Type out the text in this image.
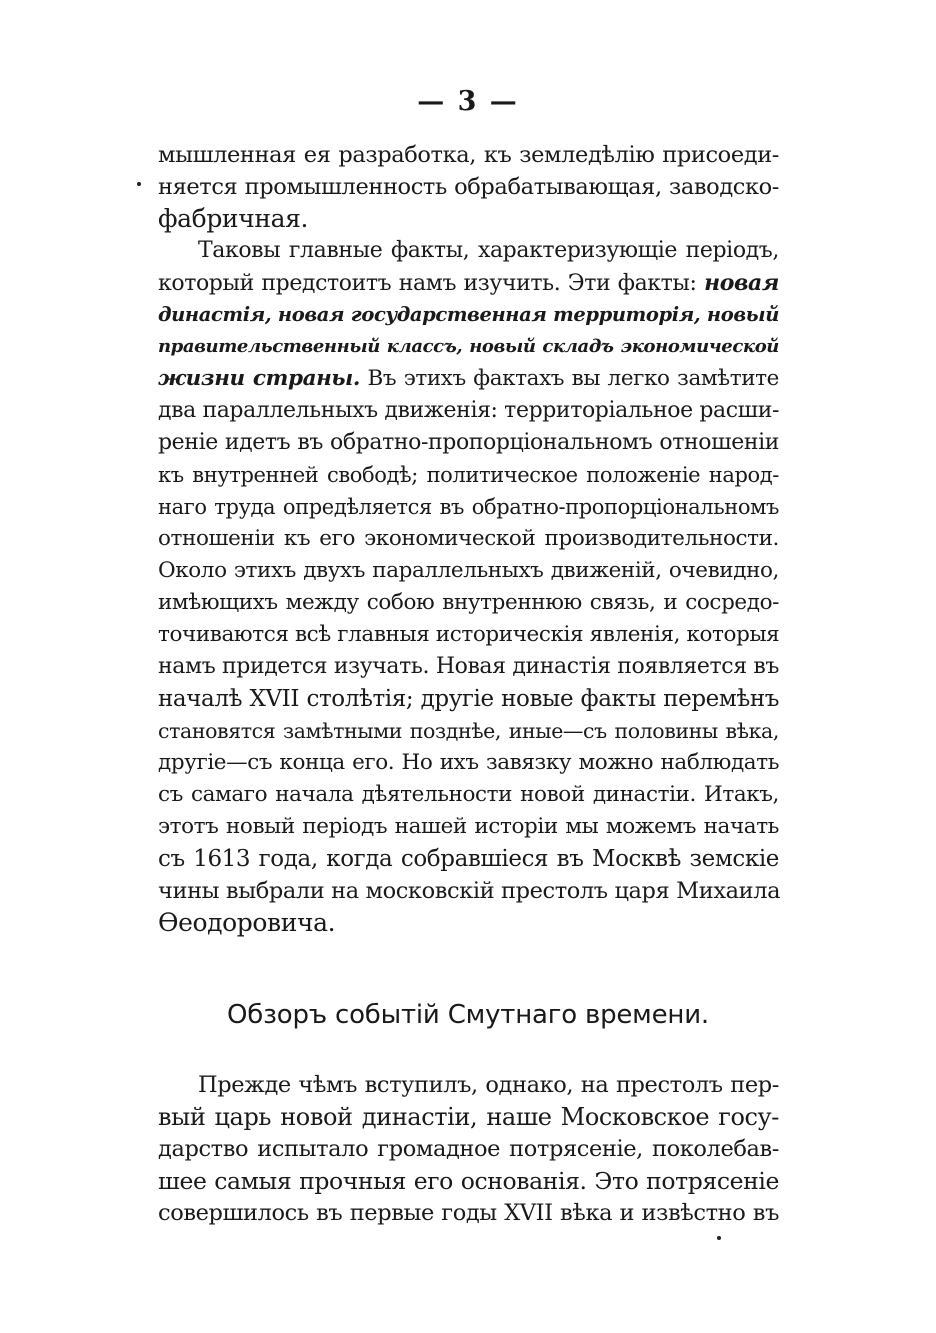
— 3 —
мышленная ея разработка, къ земледѣлію присоеди-
няется промышленность обрабатывающая, заводско-
фабричная.
Таковы главные факты, характеризующіе періодъ,
который предстоитъ намъ изучить. Эти факты: новая
династія, новая государственная территорія, новый
правительственный классъ, новый складъ экономической
жизни страны. Въ этихъ фактахъ вы легко замѣтите
два параллельныхъ движенія: территоріальное расши-
реніе идетъ въ обратно-пропорціональномъ отношеніи
къ внутренней свободѣ; политическое положеніе народ-
наго труда опредѣляется въ обратно-пропорціональномъ
отношеніи къ его экономической производительности.
Около этихъ двухъ параллельныхъ движеній, очевидно,
имѣющихъ между собою внутреннюю связь, и сосредо-
точиваются всѣ главныя историческія явленія, которыя
намъ придется изучать. Новая династія появляется въ
началѣ XVII столѣтія; другіе новые факты перемѣнъ
становятся замѣтными позднѣе, иные—съ половины вѣка,
другіе—съ конца его. Но ихъ завязку можно наблюдать
съ самаго начала дѣятельности новой династіи. Итакъ,
этотъ новый періодъ нашей исторіи мы можемъ начать
съ 1613 года, когда собравшіеся въ Москвѣ земскіе
чины выбрали на московскій престолъ царя Михаила
Ѳеодоровича.
Обзоръ событій Смутнаго времени.
Прежде чѣмъ вступилъ, однако, на престолъ пер-
вый царь новой династіи, наше Московское госу-
дарство испытало громадное потрясеніе, поколебав-
шее самыя прочныя его основанія. Это потрясеніе
совершилось въ первые годы XVII вѣка и извѣстно въ
